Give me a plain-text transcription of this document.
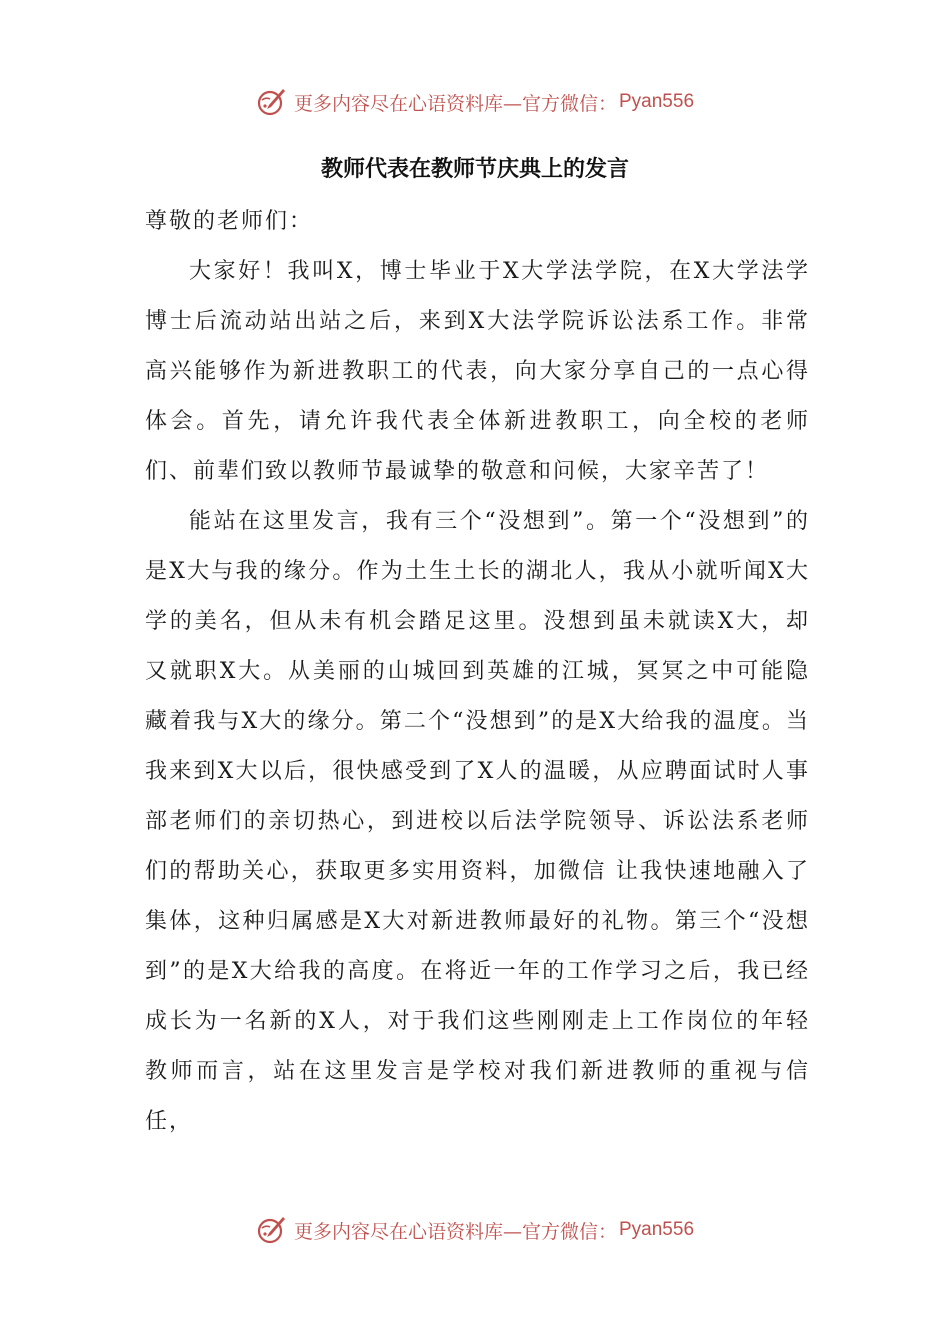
更多内容尽在心语资料库—官方微信： Pyan556
教师代表在教师节庆典上的发言

尊敬的老师们：

大家好！我叫X，博士毕业于X大学法学院，在X大学法学博士后流动站出站之后，来到X大法学院诉讼法系工作。非常高兴能够作为新进教职工的代表，向大家分享自己的一点心得体会。首先，请允许我代表全体新进教职工，向全校的老师们、前辈们致以教师节最诚挚的敬意和问候，大家辛苦了！

能站在这里发言，我有三个“没想到”。第一个“没想到”的是X大与我的缘分。作为土生土长的湖北人，我从小就听闻X大学的美名，但从未有机会踏足这里。没想到虽未就读X大，却又就职X大。从美丽的山城回到英雄的江城，冥冥之中可能隐藏着我与X大的缘分。第二个“没想到”的是X大给我的温度。当我来到X大以后，很快感受到了X人的温暖，从应聘面试时人事部老师们的亲切热心，到进校以后法学院领导、诉讼法系老师们的帮助关心，获取更多实用资料，加微信 让我快速地融入了集体，这种归属感是X大对新进教师最好的礼物。第三个“没想到”的是X大给我的高度。在将近一年的工作学习之后，我已经成长为一名新的X人，对于我们这些刚刚走上工作岗位的年轻教师而言，站在这里发言是学校对我们新进教师的重视与信任，

更多内容尽在心语资料库—官方微信： Pyan556
